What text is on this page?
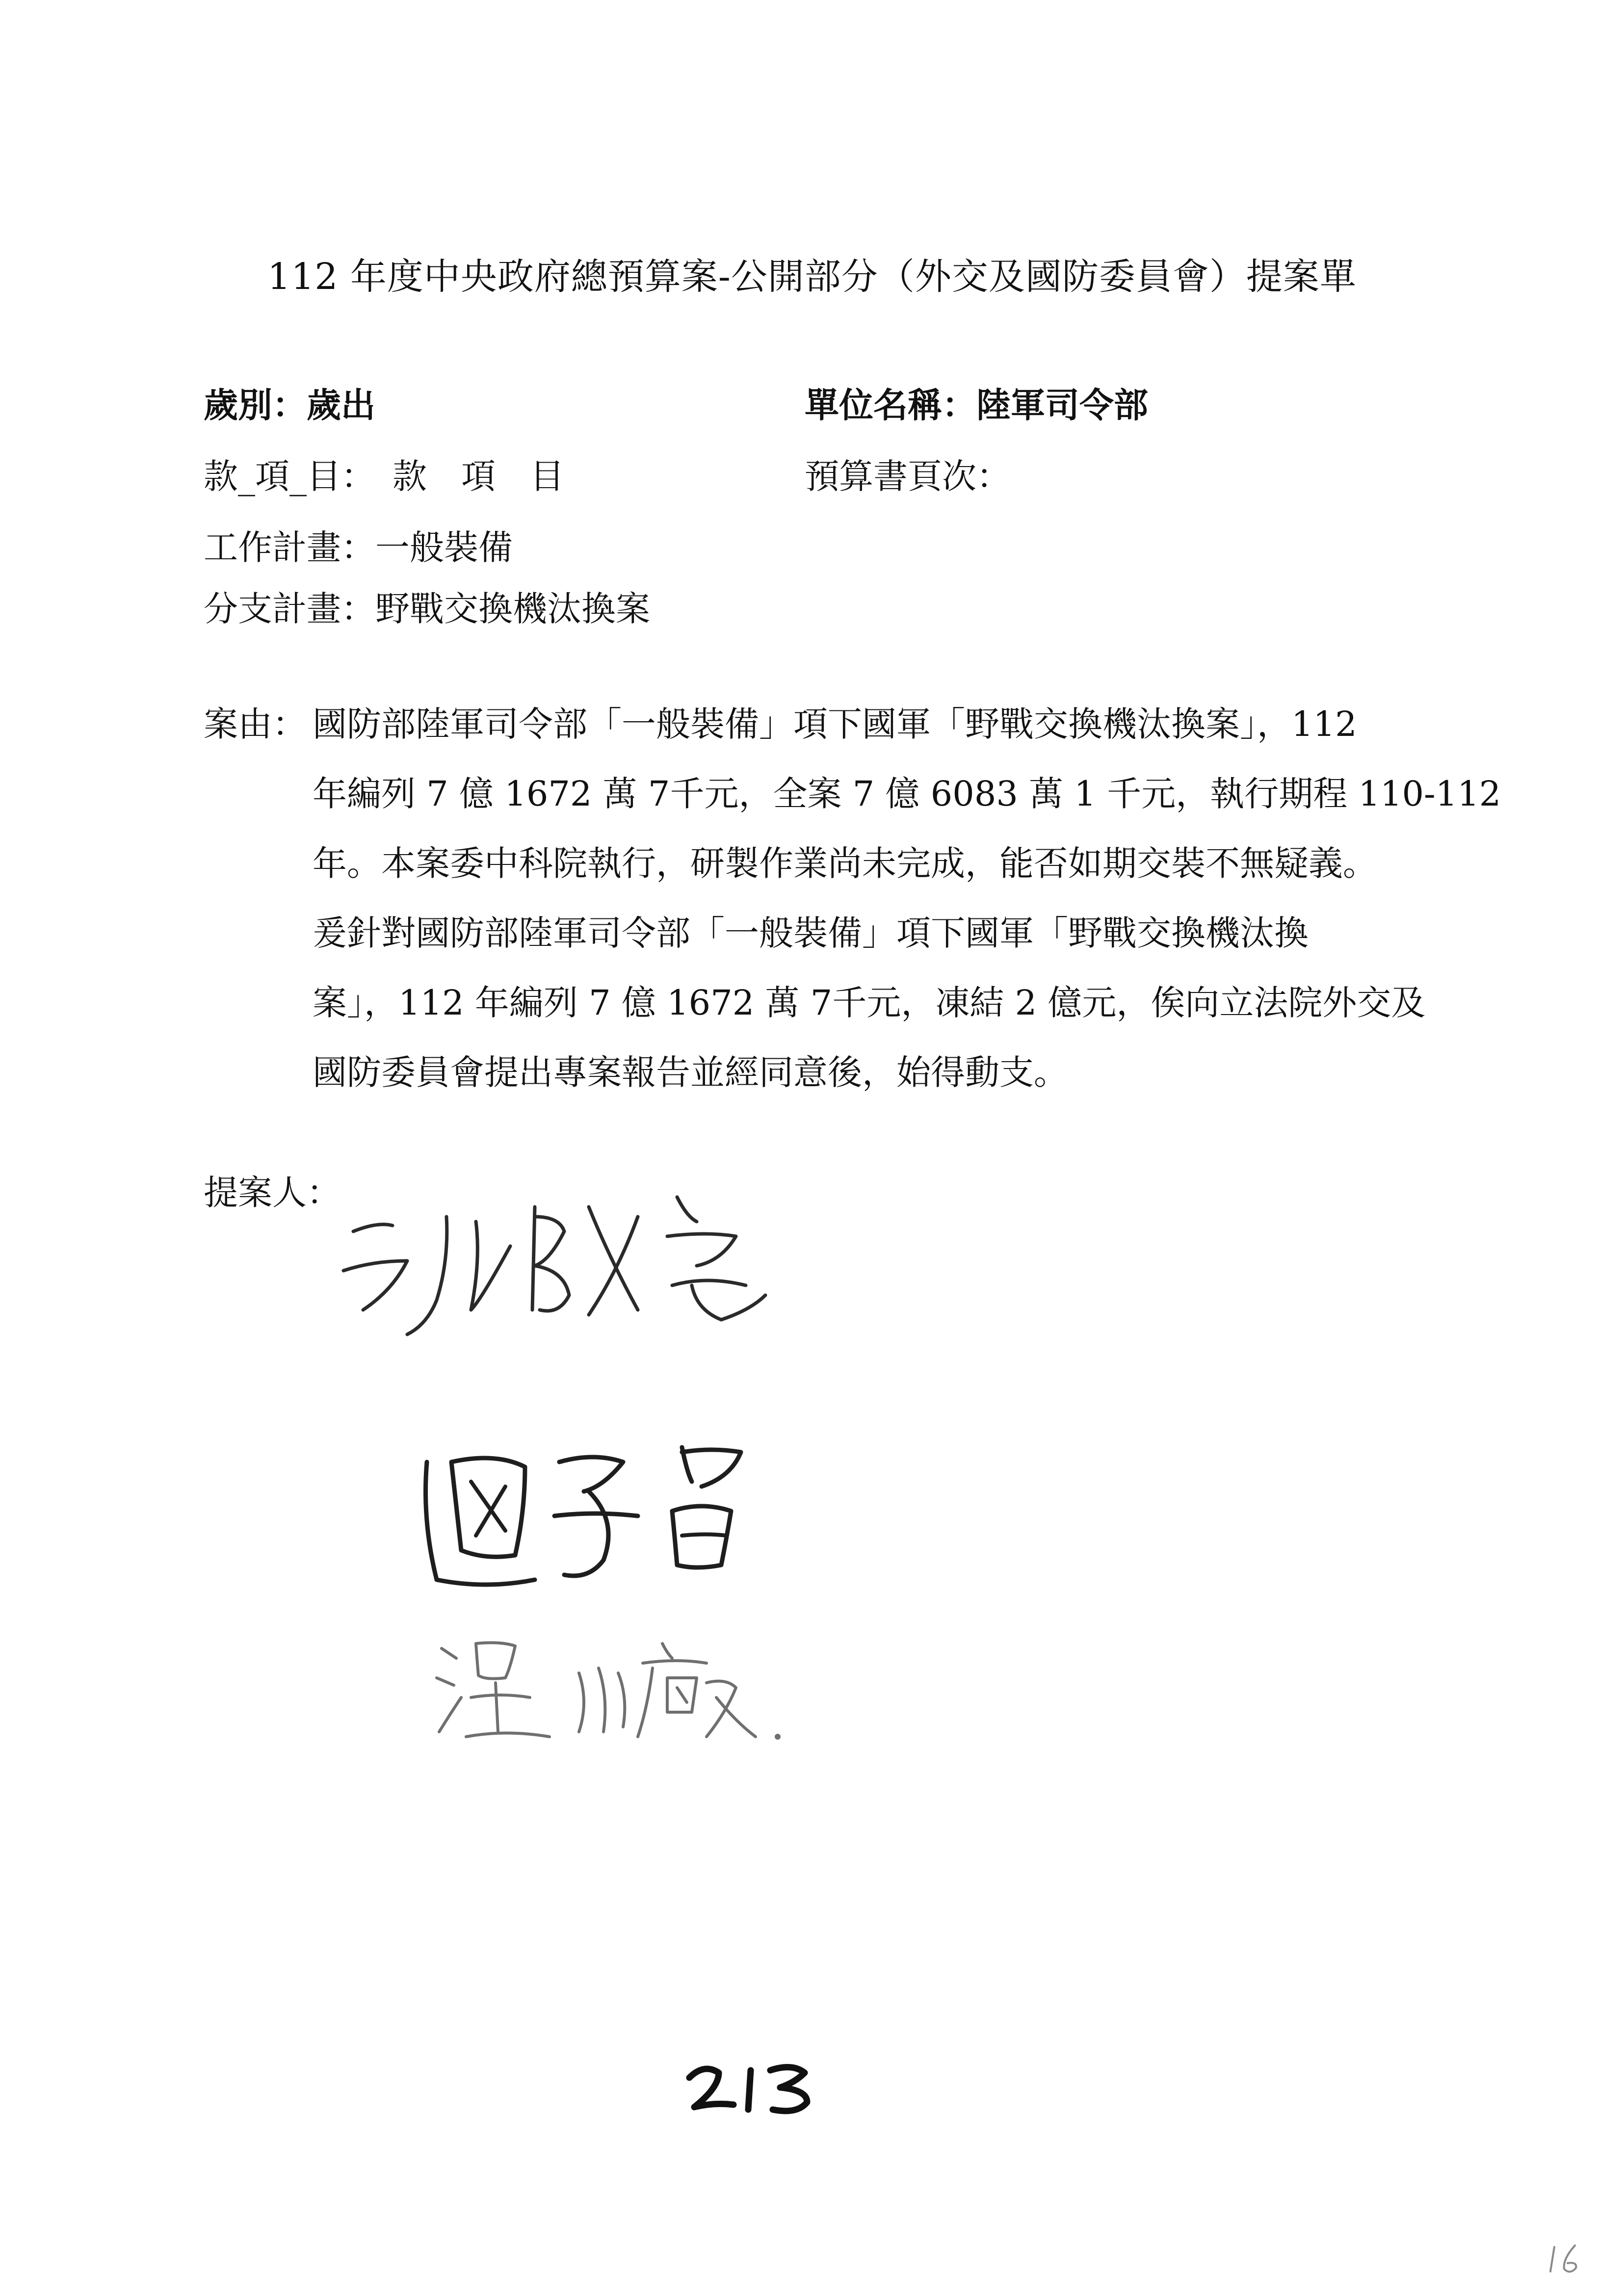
112 年度中央政府總預算案-公開部分（外交及國防委員會）提案單
歲別：歲出	單位名稱：陸軍司令部
款_項_目：　款　項　目	預算書頁次：
工作計畫：一般裝備
分支計畫：野戰交換機汰換案
案由： 國防部陸軍司令部「一般裝備」項下國軍「野戰交換機汰換案」，112
年編列 7 億 1672 萬 7千元，全案 7 億 6083 萬 1 千元，執行期程 110-112
年。本案委中科院執行，研製作業尚未完成，能否如期交裝不無疑義。
爰針對國防部陸軍司令部「一般裝備」項下國軍「野戰交換機汰換
案」，112 年編列 7 億 1672 萬 7千元，凍結 2 億元，俟向立法院外交及
國防委員會提出專案報告並經同意後，始得動支。
提案人：
213
16
